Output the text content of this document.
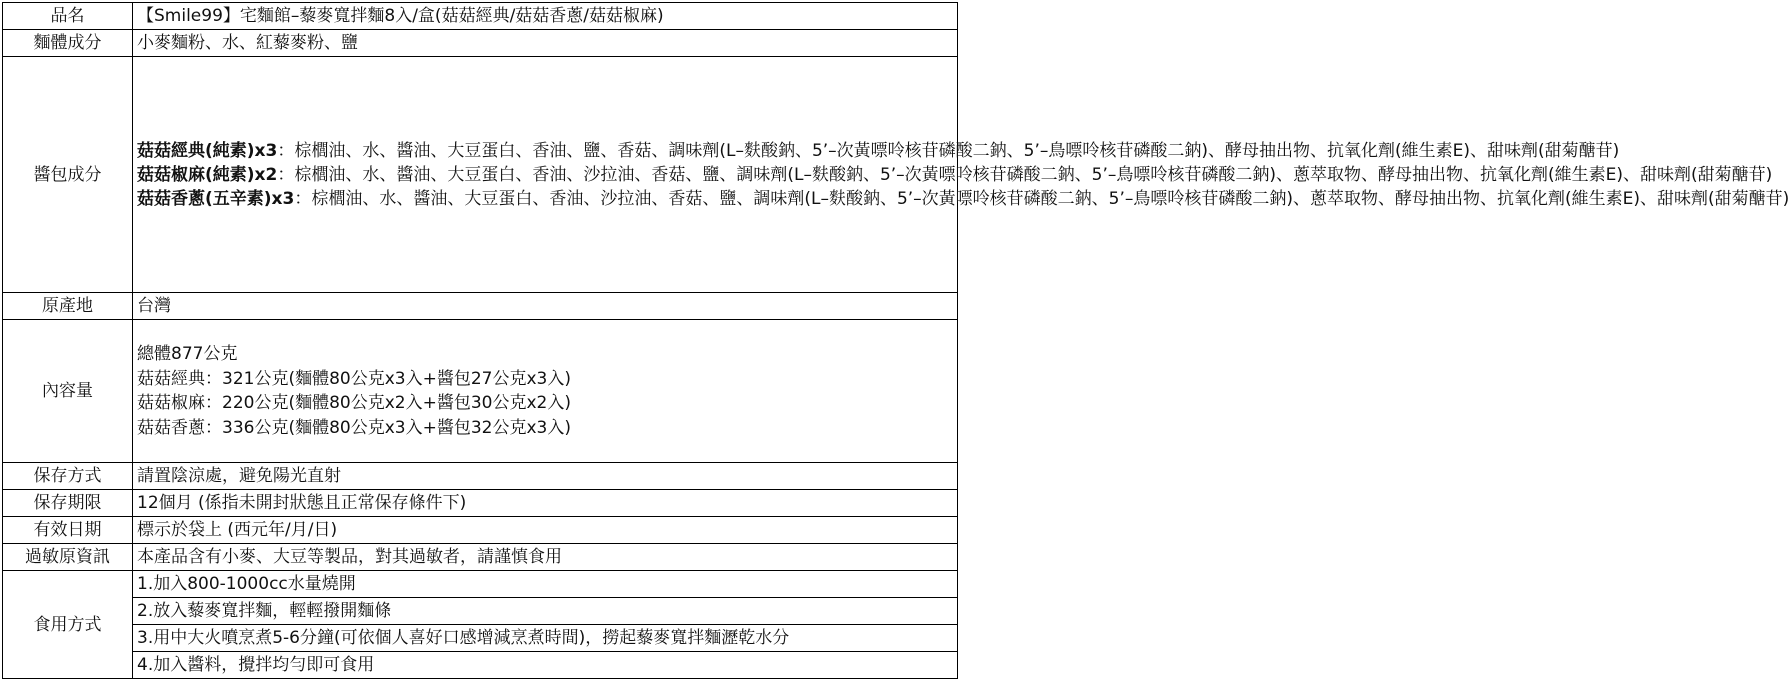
品名	【Smile99】宅麵館–藜麥寬拌麵8入/盒(菇菇經典/菇菇香蔥/菇菇椒麻)
麵體成分	小麥麵粉、水、紅藜麥粉、鹽
醬包成分	菇菇經典(純素)x3：棕櫚油、水、醬油、大豆蛋白、香油、鹽、香菇、調味劑(L–麩酸鈉、5’–次黃嘌呤核苷磷酸二鈉、5’–鳥嘌呤核苷磷酸二鈉)、酵母抽出物、抗氧化劑(維生素E)、甜味劑(甜菊醣苷)
菇菇椒麻(純素)x2：棕櫚油、水、醬油、大豆蛋白、香油、沙拉油、香菇、鹽、調味劑(L–麩酸鈉、5’–次黃嘌呤核苷磷酸二鈉、5’–鳥嘌呤核苷磷酸二鈉)、蔥萃取物、酵母抽出物、抗氧化劑(維生素E)、甜味劑(甜菊醣苷)
菇菇香蔥(五辛素)x3：棕櫚油、水、醬油、大豆蛋白、香油、沙拉油、香菇、鹽、調味劑(L–麩酸鈉、5’–次黃嘌呤核苷磷酸二鈉、5’–鳥嘌呤核苷磷酸二鈉)、蔥萃取物、酵母抽出物、抗氧化劑(維生素E)、甜味劑(甜菊醣苷)

原產地	台灣
內容量	總體877公克
菇菇經典：321公克(麵體80公克x3入+醬包27公克x3入)
菇菇椒麻：220公克(麵體80公克x2入+醬包30公克x2入)
菇菇香蔥：336公克(麵體80公克x3入+醬包32公克x3入)

保存方式	請置陰涼處，避免陽光直射
保存期限	12個月 (係指未開封狀態且正常保存條件下)
有效日期	標示於袋上 (西元年/月/日)
過敏原資訊	本產品含有小麥、大豆等製品，對其過敏者，請謹慎食用
食用方式	1.加入800-1000cc水量燒開
	2.放入藜麥寬拌麵，輕輕撥開麵條
	3.用中大火噴烹煮5-6分鐘(可依個人喜好口感增減烹煮時間)，撈起藜麥寬拌麵瀝乾水分
	4.加入醬料，攪拌均勻即可食用
